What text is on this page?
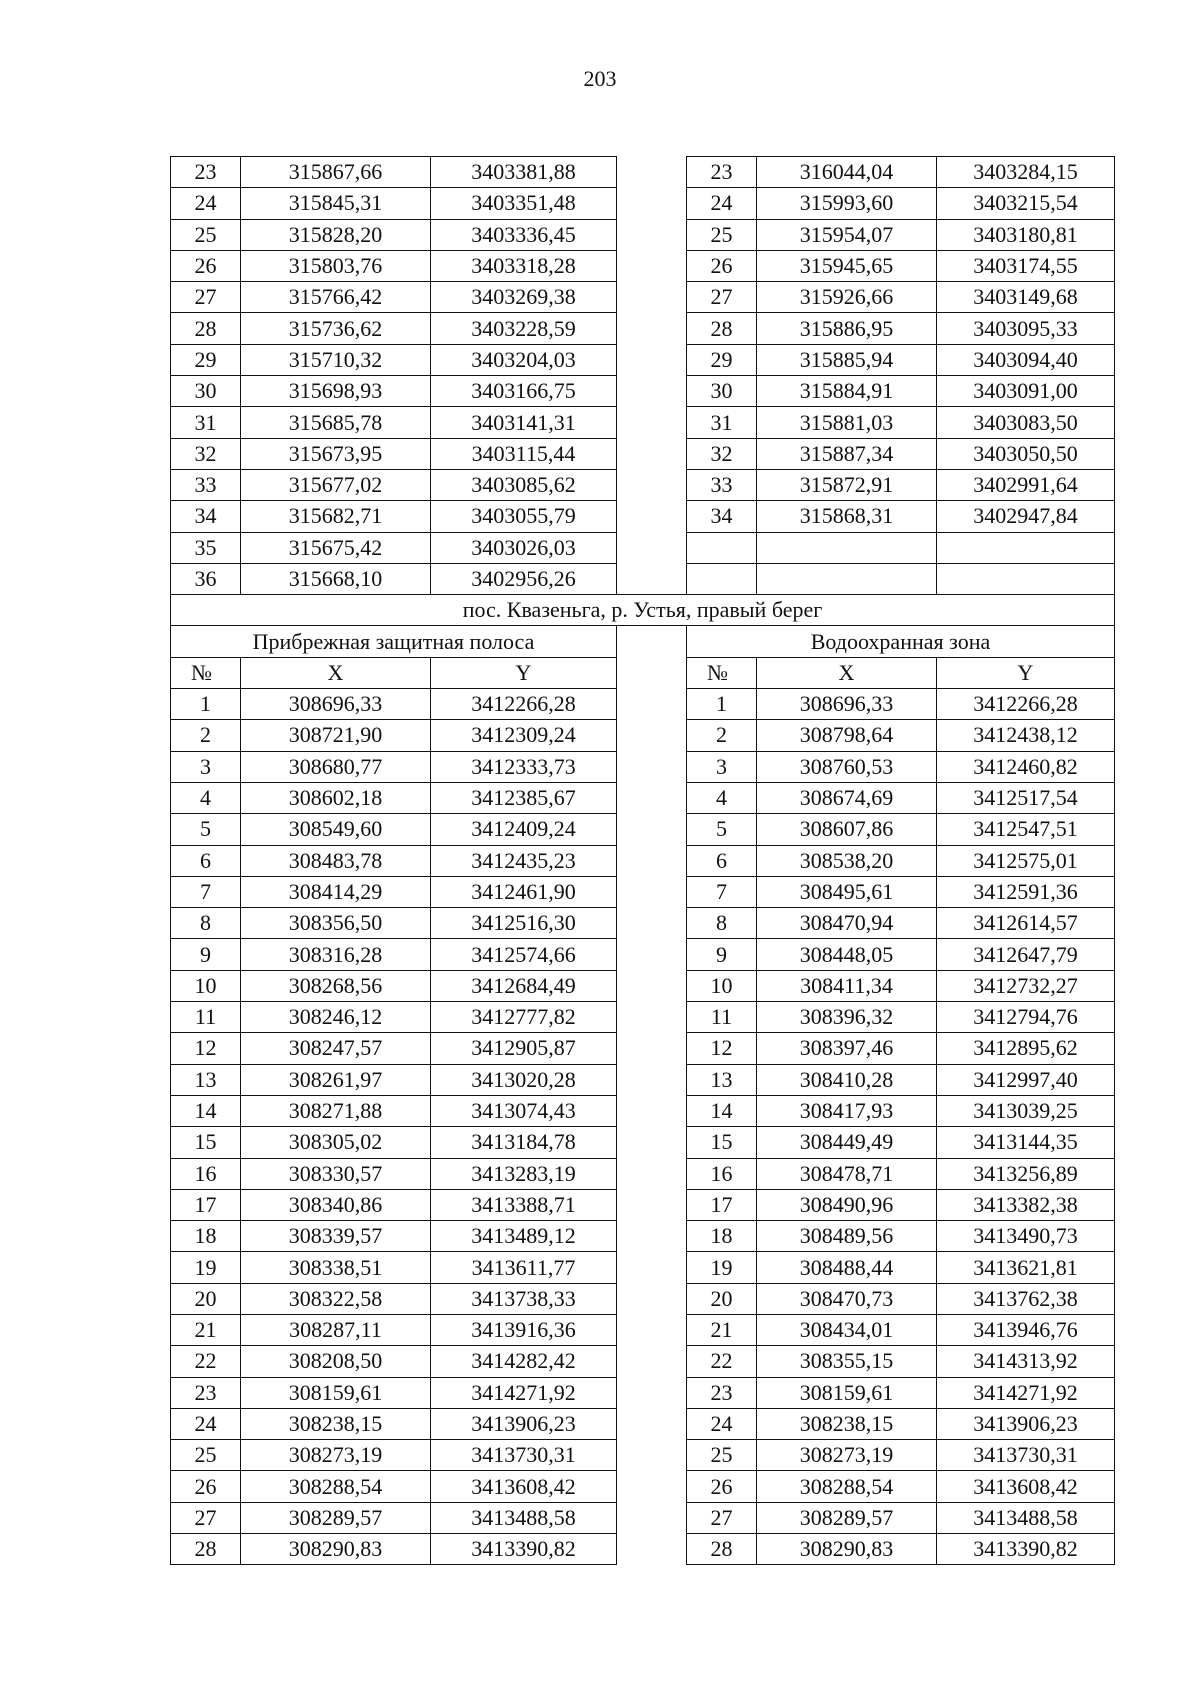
203
23	315867,66	3403381,88		23	316044,04	3403284,15
24	315845,31	3403351,48		24	315993,60	3403215,54
25	315828,20	3403336,45		25	315954,07	3403180,81
26	315803,76	3403318,28		26	315945,65	3403174,55
27	315766,42	3403269,38		27	315926,66	3403149,68
28	315736,62	3403228,59		28	315886,95	3403095,33
29	315710,32	3403204,03		29	315885,94	3403094,40
30	315698,93	3403166,75		30	315884,91	3403091,00
31	315685,78	3403141,31		31	315881,03	3403083,50
32	315673,95	3403115,44		32	315887,34	3403050,50
33	315677,02	3403085,62		33	315872,91	3402991,64
34	315682,71	3403055,79		34	315868,31	3402947,84
35	315675,42	3403026,03				
36	315668,10	3402956,26				
пос. Квазеньга, р. Устья, правый берег						
Прибрежная защитная полоса				Водоохранная зона		
№	X	Y		№	X	Y
1	308696,33	3412266,28		1	308696,33	3412266,28
2	308721,90	3412309,24		2	308798,64	3412438,12
3	308680,77	3412333,73		3	308760,53	3412460,82
4	308602,18	3412385,67		4	308674,69	3412517,54
5	308549,60	3412409,24		5	308607,86	3412547,51
6	308483,78	3412435,23		6	308538,20	3412575,01
7	308414,29	3412461,90		7	308495,61	3412591,36
8	308356,50	3412516,30		8	308470,94	3412614,57
9	308316,28	3412574,66		9	308448,05	3412647,79
10	308268,56	3412684,49		10	308411,34	3412732,27
11	308246,12	3412777,82		11	308396,32	3412794,76
12	308247,57	3412905,87		12	308397,46	3412895,62
13	308261,97	3413020,28		13	308410,28	3412997,40
14	308271,88	3413074,43		14	308417,93	3413039,25
15	308305,02	3413184,78		15	308449,49	3413144,35
16	308330,57	3413283,19		16	308478,71	3413256,89
17	308340,86	3413388,71		17	308490,96	3413382,38
18	308339,57	3413489,12		18	308489,56	3413490,73
19	308338,51	3413611,77		19	308488,44	3413621,81
20	308322,58	3413738,33		20	308470,73	3413762,38
21	308287,11	3413916,36		21	308434,01	3413946,76
22	308208,50	3414282,42		22	308355,15	3414313,92
23	308159,61	3414271,92		23	308159,61	3414271,92
24	308238,15	3413906,23		24	308238,15	3413906,23
25	308273,19	3413730,31		25	308273,19	3413730,31
26	308288,54	3413608,42		26	308288,54	3413608,42
27	308289,57	3413488,58		27	308289,57	3413488,58
28	308290,83	3413390,82		28	308290,83	3413390,82
